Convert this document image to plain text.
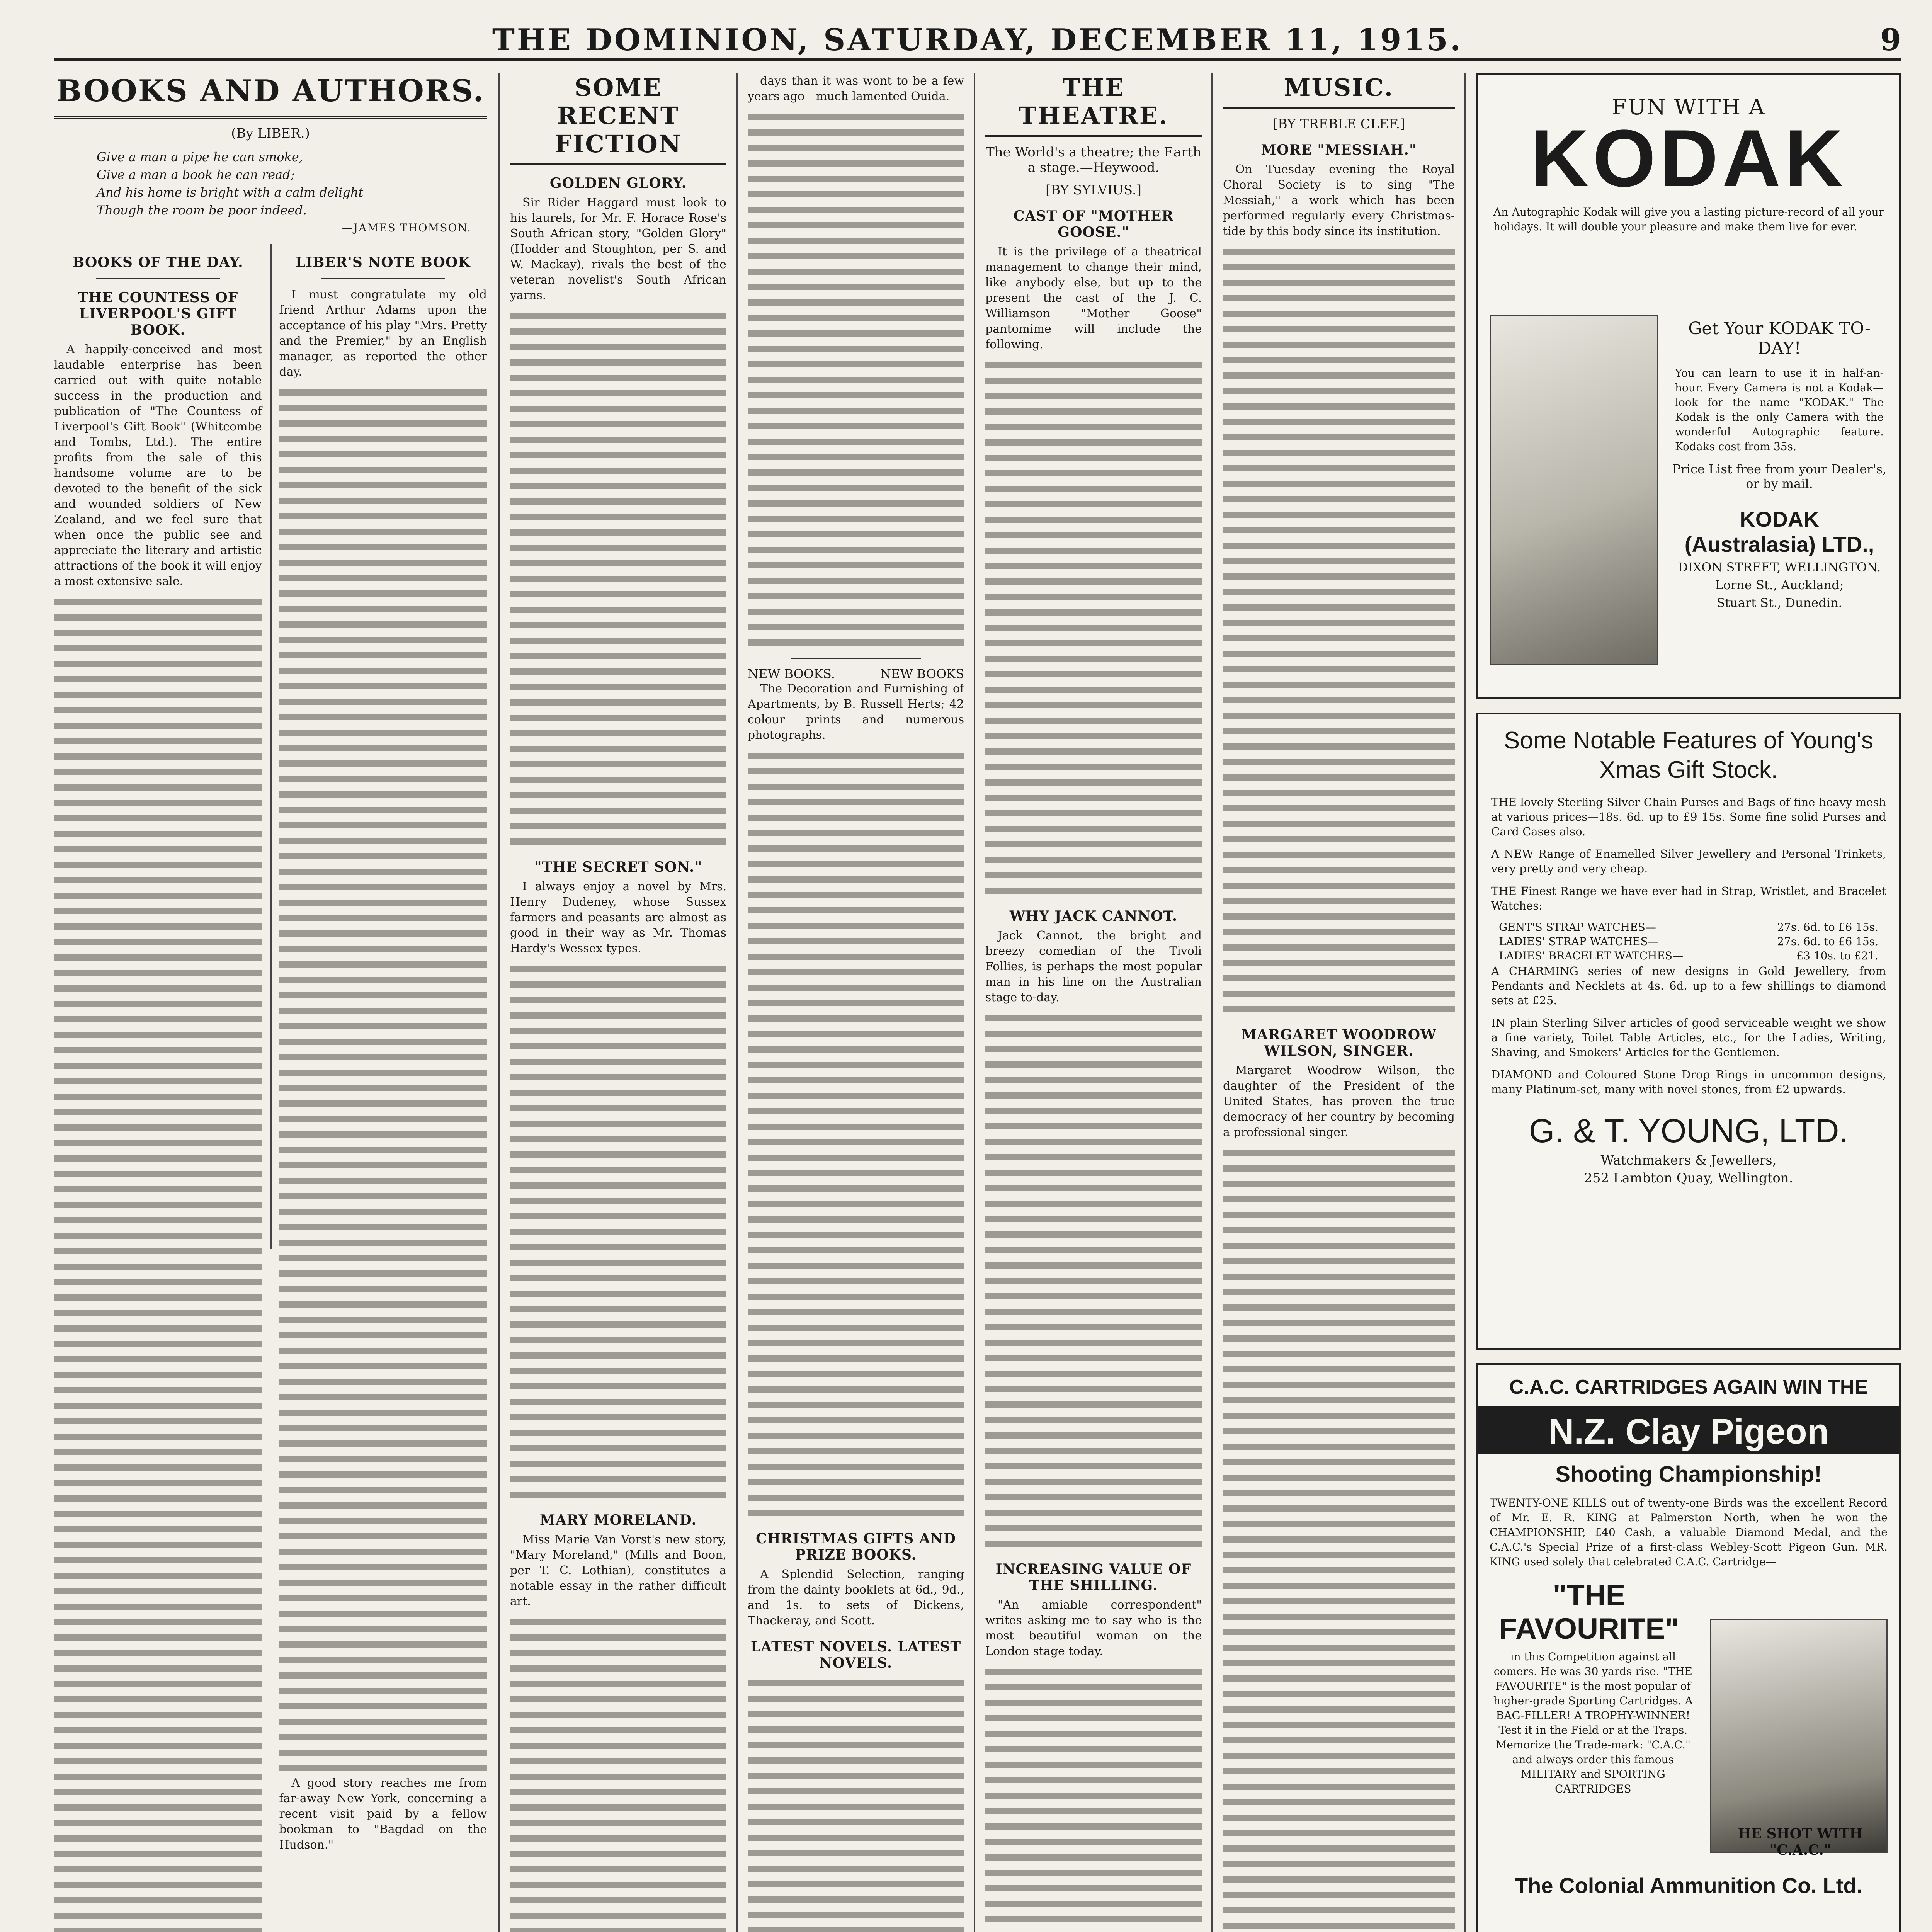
THE DOMINION, SATURDAY, DECEMBER 11, 1915.	9
BOOKS AND AUTHORS.
(By LIBER.)
Give a man a pipe he can smoke,
Give a man a book he can read;
And his home is bright with a calm delight
Though the room be poor indeed.
—JAMES THOMSON.
BOOKS OF THE DAY.
THE COUNTESS OF LIVERPOOL'S GIFT BOOK.

A happily-conceived and most laudable enterprise has been carried out with quite notable success in the production and publication of "The Countess of Liverpool's Gift Book" (Whitcombe and Tombs, Ltd.). The entire profits from the sale of this handsome volume are to be devoted to the benefit of the sick and wounded soldiers of New Zealand, and we feel sure that when once the public see and appreciate the literary and artistic attractions of the book it will enjoy a most extensive sale.

LIBER'S NOTE BOOK

I must congratulate my old friend Arthur Adams upon the acceptance of his play "Mrs. Pretty and the Premier," by an English manager, as reported the other day.

A good story reaches me from far-away New York, concerning a recent visit paid by a fellow bookman to "Bagdad on the Hudson."

SOME RECENT FICTION
GOLDEN GLORY.

Sir Rider Haggard must look to his laurels, for Mr. F. Horace Rose's South African story, "Golden Glory" (Hodder and Stoughton, per S. and W. Mackay), rivals the best of the veteran novelist's South African yarns.

"THE SECRET SON."

I always enjoy a novel by Mrs. Henry Dudeney, whose Sussex farmers and peasants are almost as good in their way as Mr. Thomas Hardy's Wessex types.

MARY MORELAND.

Miss Marie Van Vorst's new story, "Mary Moreland," (Mills and Boon, per T. C. Lothian), constitutes a notable essay in the rather difficult art.

days than it was wont to be a few years ago—much lamented Ouida.

NEW BOOKS.	NEW BOOKS

The Decoration and Furnishing of Apartments, by B. Russell Herts; 42 colour prints and numerous photographs.

CHRISTMAS GIFTS AND PRIZE BOOKS.

A Splendid Selection, ranging from the dainty booklets at 6d., 9d., and 1s. to sets of Dickens, Thackeray, and Scott.

LATEST NOVELS. LATEST NOVELS.

THE THEATRE.
The World's a theatre; the Earth a stage.—Heywood.
[BY SYLVIUS.]
CAST OF "MOTHER GOOSE."

It is the privilege of a theatrical management to change their mind, like anybody else, but up to the present the cast of the J. C. Williamson "Mother Goose" pantomime will include the following.

WHY JACK CANNOT.

Jack Cannot, the bright and breezy comedian of the Tivoli Follies, is perhaps the most popular man in his line on the Australian stage to-day.

INCREASING VALUE OF THE SHILLING.

"An amiable correspondent" writes asking me to say who is the most beautiful woman on the London stage today.

MUSIC.
[BY TREBLE CLEF.]
MORE "MESSIAH."

On Tuesday evening the Royal Choral Society is to sing "The Messiah," a work which has been performed regularly every Christmas-tide by this body since its institution.

MARGARET WOODROW WILSON, SINGER.

Margaret Woodrow Wilson, the daughter of the President of the United States, has proven the true democracy of her country by becoming a professional singer.

FUN WITH A
KODAK
An Autographic Kodak will give you a lasting picture-record of all your holidays. It will double your pleasure and make them live for ever.
Get Your KODAK TO-DAY!
You can learn to use it in half-an-hour. Every Camera is not a Kodak—look for the name "KODAK." The Kodak is the only Camera with the wonderful Autographic feature. Kodaks cost from 35s.
Price List free from your Dealer's, or by mail.
KODAK (Australasia) LTD.,
DIXON STREET, WELLINGTON.
Lorne St., Auckland;
Stuart St., Dunedin.
Some Notable Features of Young's Xmas Gift Stock.

THE lovely Sterling Silver Chain Purses and Bags of fine heavy mesh at various prices—18s. 6d. up to £9 15s. Some fine solid Purses and Card Cases also.

A NEW Range of Enamelled Silver Jewellery and Personal Trinkets, very pretty and very cheap.

THE Finest Range we have ever had in Strap, Wristlet, and Bracelet Watches:

GENT'S STRAP WATCHES—	27s. 6d. to £6 15s.
LADIES' STRAP WATCHES—	27s. 6d. to £6 15s.
LADIES' BRACELET WATCHES—	£3 10s. to £21.

A CHARMING series of new designs in Gold Jewellery, from Pendants and Necklets at 4s. 6d. up to a few shillings to diamond sets at £25.

IN plain Sterling Silver articles of good serviceable weight we show a fine variety, Toilet Table Articles, etc., for the Ladies, Writing, Shaving, and Smokers' Articles for the Gentlemen.

DIAMOND and Coloured Stone Drop Rings in uncommon designs, many Platinum-set, many with novel stones, from £2 upwards.

G. & T. YOUNG, LTD.
Watchmakers & Jewellers,
252 Lambton Quay, Wellington.
C.A.C. CARTRIDGES AGAIN WIN THE
N.Z. Clay Pigeon
Shooting Championship!
TWENTY-ONE KILLS out of twenty-one Birds was the excellent Record of Mr. E. R. KING at Palmerston North, when he won the CHAMPIONSHIP, £40 Cash, a valuable Diamond Medal, and the C.A.C.'s Special Prize of a first-class Webley-Scott Pigeon Gun. MR. KING used solely that celebrated C.A.C. Cartridge—
"THE FAVOURITE"
in this Competition against all comers. He was 30 yards rise. "THE FAVOURITE" is the most popular of higher-grade Sporting Cartridges. A BAG-FILLER! A TROPHY-WINNER! Test it in the Field or at the Traps. Memorize the Trade-mark: "C.A.C." and always order this famous MILITARY and SPORTING CARTRIDGES
HE SHOT WITH "C.A.C."
The Colonial Ammunition Co. Ltd.
